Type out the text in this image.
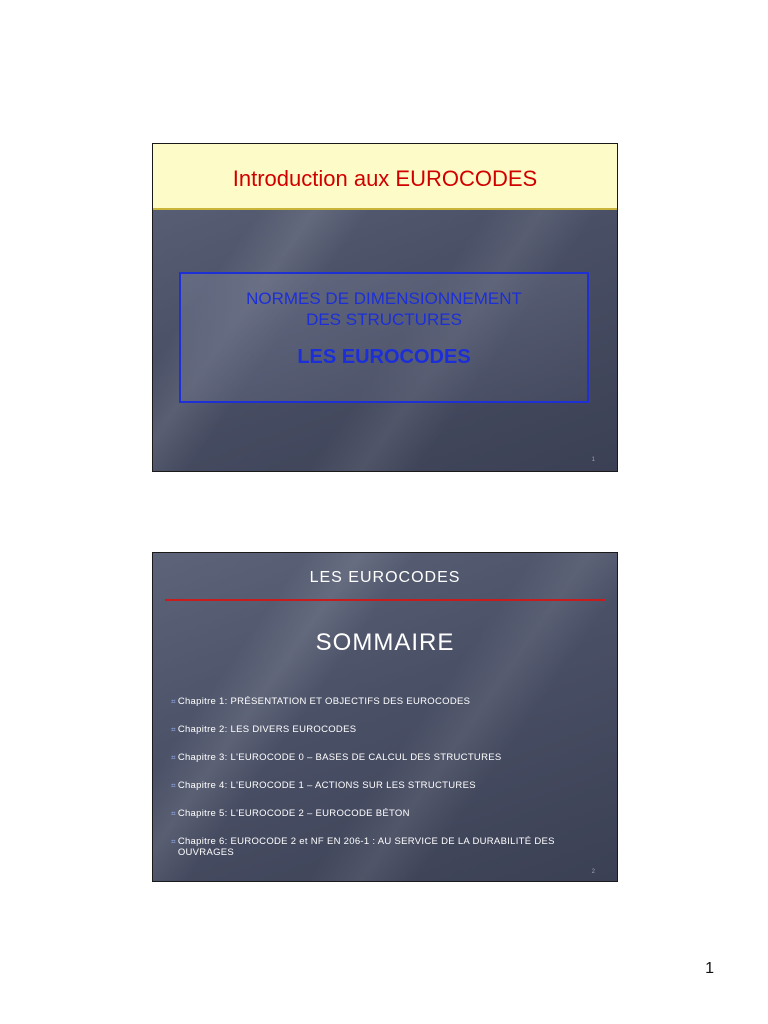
Introduction aux EUROCODES
NORMES DE DIMENSIONNEMENT
DES STRUCTURES
LES EUROCODES
1
LES EUROCODES
SOMMAIRE
⌗ Chapitre 1: PRÉSENTATION ET OBJECTIFS DES EUROCODES
⌗ Chapitre 2: LES DIVERS EUROCODES
⌗ Chapitre 3: L'EUROCODE 0 – BASES DE CALCUL DES STRUCTURES
⌗ Chapitre 4: L'EUROCODE 1 – ACTIONS SUR LES STRUCTURES
⌗ Chapitre 5: L'EUROCODE 2 – EUROCODE BÉTON
⌗ Chapitre 6: EUROCODE 2 et NF EN 206-1 : AU SERVICE DE LA DURABILITÉ DES OUVRAGES
2
1
